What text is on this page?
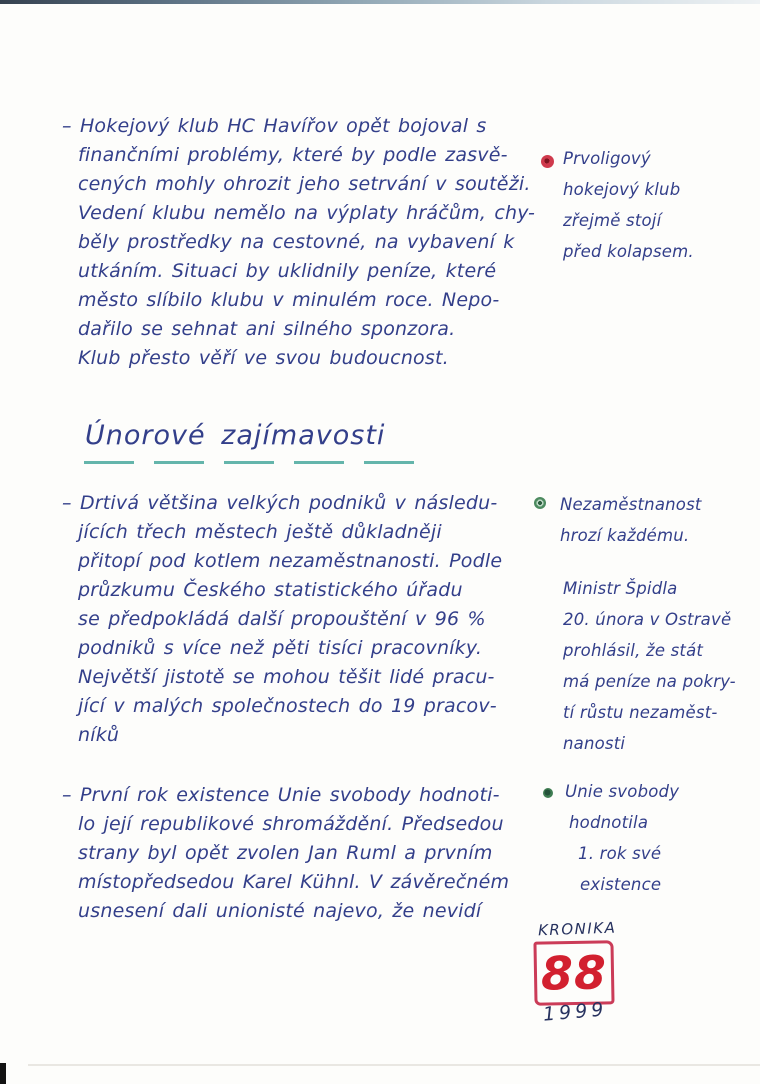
– Hokejový klub HC Havířov opět bojoval s
finančními problémy, které by podle zasvě-
cených mohly ohrozit jeho setrvání v soutěži.
Vedení klubu nemělo na výplaty hráčům, chy-
běly prostředky na cestovné, na vybavení k
utkáním. Situaci by uklidnily peníze, které
město slíbilo klubu v minulém roce. Nepo-
dařilo se sehnat ani silného sponzora.
Klub přesto věří ve svou budoucnost.
Prvoligový
hokejový klub
zřejmě stojí
před kolapsem.
Únorové zajímavosti
– Drtivá většina velkých podniků v následu-
jících třech městech ještě důkladněji
přitopí pod kotlem nezaměstnanosti. Podle
průzkumu Českého statistického úřadu
se předpokládá další propouštění v 96 %
podniků s více než pěti tisíci pracovníky.
Největší jistotě se mohou těšit lidé pracu-
jící v malých společnostech do 19 pracov-
níků
Nezaměstnanost
hrozí každému.
Ministr Špidla
20. února v Ostravě
prohlásil, že stát
má peníze na pokry-
tí růstu nezaměst-
nanosti
– První rok existence Unie svobody hodnoti-
lo její republikové shromáždění. Předsedou
strany byl opět zvolen Jan Ruml a prvním
místopředsedou Karel Kühnl. V závěrečném
usnesení dali unionisté najevo, že nevidí
Unie svobody
hodnotila
1. rok své
existence
KRONIKA
88
1999
